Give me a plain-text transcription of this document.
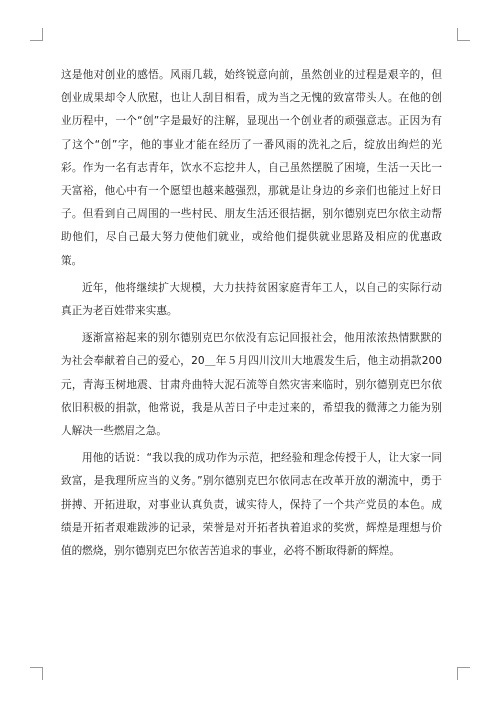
这是他对创业的感悟。风雨几载，始终锐意向前，虽然创业的过程是艰辛的，但创业成果却令人欣慰，也让人刮目相看，成为当之无愧的致富带头人。在他的创业历程中，一个“创”字是最好的注解，显现出一个创业者的顽强意志。正因为有了这个“创”字，他的事业才能在经历了一番风雨的洗礼之后，绽放出绚烂的光彩。作为一名有志青年，饮水不忘挖井人，自己虽然摆脱了困境，生活一天比一天富裕，他心中有一个愿望也越来越强烈，那就是让身边的乡亲们也能过上好日子。但看到自己周围的一些村民、朋友生活还很拮据，别尔德别克巴尔依主动帮助他们，尽自己最大努力使他们就业，或给他们提供就业思路及相应的优惠政策。

近年，他将继续扩大规模，大力扶持贫困家庭青年工人，以自己的实际行动真正为老百姓带来实惠。

逐渐富裕起来的别尔德别克巴尔依没有忘记回报社会，他用浓浓热情默默的为社会奉献着自己的爱心，20＿年５月四川汶川大地震发生后，他主动捐款200元，青海玉树地震、甘肃舟曲特大泥石流等自然灾害来临时，别尔德别克巴尔依依旧积极的捐款，他常说，我是从苦日子中走过来的，希望我的微薄之力能为别人解决一些燃眉之急。

用他的话说：“我以我的成功作为示范，把经验和理念传授于人，让大家一同致富，是我理所应当的义务。”别尔德别克巴尔依同志在改革开放的潮流中，勇于拼搏、开拓进取，对事业认真负责，诚实待人，保持了一个共产党员的本色。成绩是开拓者艰难跋涉的记录，荣誉是对开拓者执着追求的奖赏，辉煌是理想与价值的燃烧，别尔德别克巴尔依苦苦追求的事业，必将不断取得新的辉煌。
